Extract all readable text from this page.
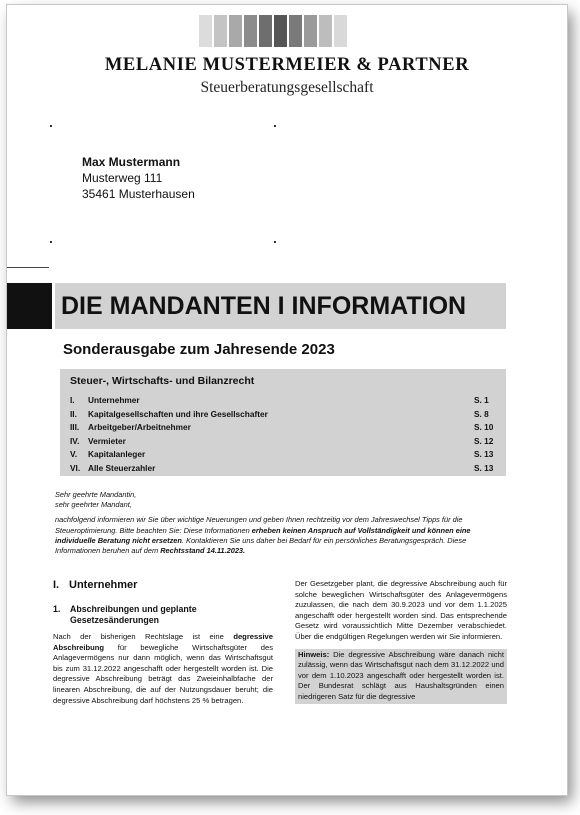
MELANIE MUSTERMEIER & PARTNER
Steuerberatungsgesellschaft
Max Mustermann
Musterweg 111
35461 Musterhausen
DIE MANDANTEN I INFORMATION
Sonderausgabe zum Jahresende 2023
Steuer-, Wirtschafts- und Bilanzrecht
I. Unternehmer	S. 1
II. Kapitalgesellschaften und ihre Gesellschafter	S. 8
III. Arbeitgeber/Arbeitnehmer	S. 10
IV. Vermieter	S. 12
V. Kapitalanleger	S. 13
VI. Alle Steuerzahler	S. 13

Sehr geehrte Mandantin,

sehr geehrter Mandant,

nachfolgend informieren wir Sie über wichtige Neuerungen und geben Ihnen rechtzeitig vor dem Jahreswechsel Tipps für die Steueroptimierung. Bitte beachten Sie: Diese Informationen erheben keinen Anspruch auf Vollständigkeit und können eine individuelle Beratung nicht ersetzen. Kontaktieren Sie uns daher bei Bedarf für ein persönliches Beratungsgespräch. Diese Informationen beruhen auf dem Rechtsstand 14.11.2023.

I. Unternehmer
1. Abschreibungen und geplante Gesetzesänderungen
Nach der bisherigen Rechtslage ist eine degressive Abschreibung für bewegliche Wirtschaftsgüter des Anlagevermögens nur dann möglich, wenn das Wirtschaftsgut bis zum 31.12.2022 angeschafft oder hergestellt worden ist. Die degressive Abschreibung beträgt das Zweieinhalbfache der linearen Abschreibung, die auf der Nutzungsdauer beruht; die degressive Abschreibung darf höchstens 25 % betragen.
Der Gesetzgeber plant, die degressive Abschreibung auch für solche beweglichen Wirtschaftsgüter des Anlagevermögens zuzulassen, die nach dem 30.9.2023 und vor dem 1.1.2025 angeschafft oder hergestellt worden sind. Das entsprechende Gesetz wird voraussichtlich Mitte Dezember verabschiedet. Über die endgültigen Regelungen werden wir Sie informieren.
Hinweis: Die degressive Abschreibung wäre danach nicht zulässig, wenn das Wirtschaftsgut nach dem 31.12.2022 und vor dem 1.10.2023 angeschafft oder hergestellt worden ist. Der Bundesrat schlägt aus Haushaltsgründen einen niedrigeren Satz für die degressive
